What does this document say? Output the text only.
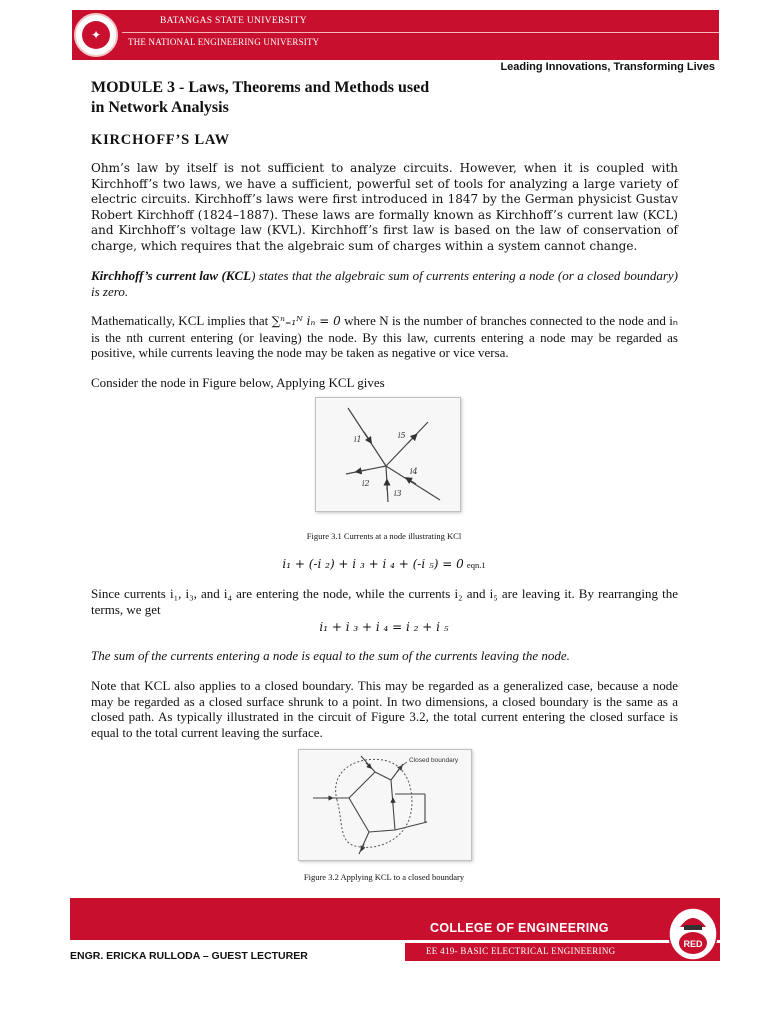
✦
BATANGAS STATE UNIVERSITY
THE NATIONAL ENGINEERING UNIVERSITY
Leading Innovations, Transforming Lives
MODULE 3 - Laws, Theorems and Methods used
in Network Analysis
KIRCHOFF’S LAW

Ohm’s law by itself is not sufficient to analyze circuits. However, when it is coupled with Kirchhoff’s two laws, we have a sufficient, powerful set of tools for analyzing a large variety of electric circuits. Kirchhoff’s laws were first introduced in 1847 by the German physicist Gustav Robert Kirchhoff (1824–1887). These laws are formally known as Kirchhoff’s current law (KCL) and Kirchhoff’s voltage law (KVL). Kirchhoff’s first law is based on the law of conservation of charge, which requires that the algebraic sum of charges within a system cannot change.

Kirchhoff’s current law (KCL) states that the algebraic sum of currents entering a node (or a closed boundary) is zero.

Mathematically, KCL implies that ∑ⁿ₌₁ᴺ iₙ = 0 where N is the number of branches connected to the node and iₙ is the nth current entering (or leaving) the node. By this law, currents entering a node may be regarded as positive, while currents leaving the node may be taken as negative or vice versa.

Consider the node in Figure below, Applying KCL gives

i1	i5
i4
i2
i3
Figure 3.1 Currents at a node illustrating KCl
i₁ + (-i ₂) + i ₃ + i ₄ + (-i ₅) = 0 eqn.1

Since currents i₁, i₃, and i₄ are entering the node, while the currents i₂ and i₅ are leaving it. By rearranging the terms, we get

i₁ + i ₃ + i ₄ = i ₂ + i ₅

The sum of the currents entering a node is equal to the sum of the currents leaving the node.

Note that KCL also applies to a closed boundary. This may be regarded as a generalized case, because a node may be regarded as a closed surface shrunk to a point. In two dimensions, a closed boundary is the same as a closed path. As typically illustrated in the circuit of Figure 3.2, the total current entering the closed surface is equal to the total current leaving the surface.

Closed boundary
Figure 3.2 Applying KCL to a closed boundary
COLLEGE OF ENGINEERING
EE 419- BASIC ELECTRICAL ENGINEERING
ENGR. ERICKA RULLODA – GUEST LECTURER
RED
